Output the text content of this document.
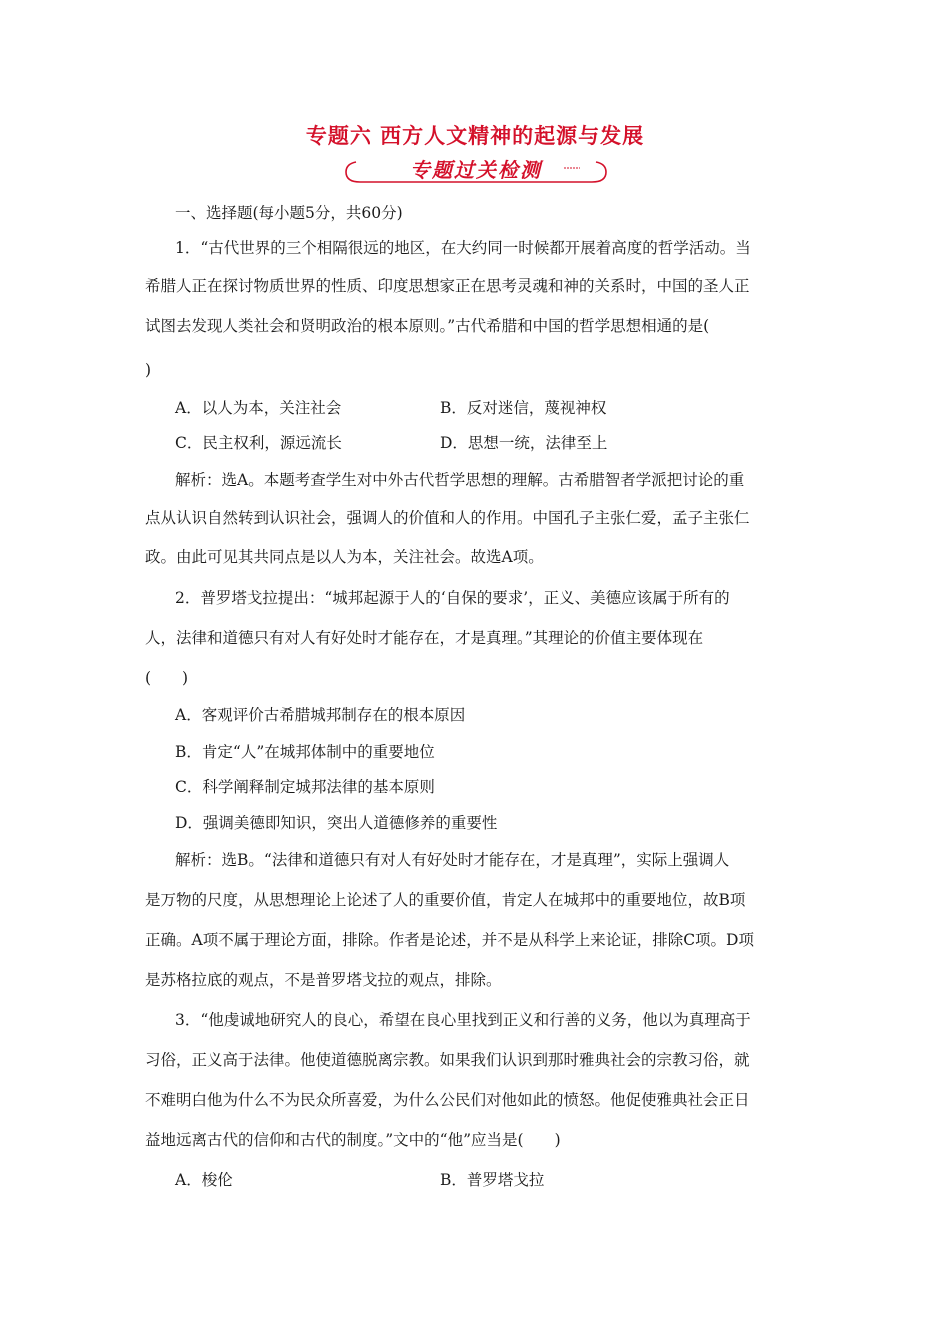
专题六 西方人文精神的起源与发展
专题过关检测
一、选择题(每小题5分，共60分)
1．“古代世界的三个相隔很远的地区，在大约同一时候都开展着高度的哲学活动。当
希腊人正在探讨物质世界的性质、印度思想家正在思考灵魂和神的关系时，中国的圣人正
试图去发现人类社会和贤明政治的根本原则。”古代希腊和中国的哲学思想相通的是(
)
A．以人为本，关注社会	B．反对迷信，蔑视神权
C．民主权利，源远流长	D．思想一统，法律至上
解析：选A。本题考查学生对中外古代哲学思想的理解。古希腊智者学派把讨论的重
点从认识自然转到认识社会，强调人的价值和人的作用。中国孔子主张仁爱，孟子主张仁
政。由此可见其共同点是以人为本，关注社会。故选A项。
2．普罗塔戈拉提出：“城邦起源于人的‘自保的要求’，正义、美德应该属于所有的
人，法律和道德只有对人有好处时才能存在，才是真理。”其理论的价值主要体现在
(　　)
A．客观评价古希腊城邦制存在的根本原因
B．肯定“人”在城邦体制中的重要地位
C．科学阐释制定城邦法律的基本原则
D．强调美德即知识，突出人道德修养的重要性
解析：选B。“法律和道德只有对人有好处时才能存在，才是真理”，实际上强调人
是万物的尺度，从思想理论上论述了人的重要价值，肯定人在城邦中的重要地位，故B项
正确。A项不属于理论方面，排除。作者是论述，并不是从科学上来论证，排除C项。D项
是苏格拉底的观点，不是普罗塔戈拉的观点，排除。
3．“他虔诚地研究人的良心，希望在良心里找到正义和行善的义务，他以为真理高于
习俗，正义高于法律。他使道德脱离宗教。如果我们认识到那时雅典社会的宗教习俗，就
不难明白他为什么不为民众所喜爱，为什么公民们对他如此的愤怒。他促使雅典社会正日
益地远离古代的信仰和古代的制度。”文中的“他”应当是(　　)
A．梭伦	B．普罗塔戈拉
